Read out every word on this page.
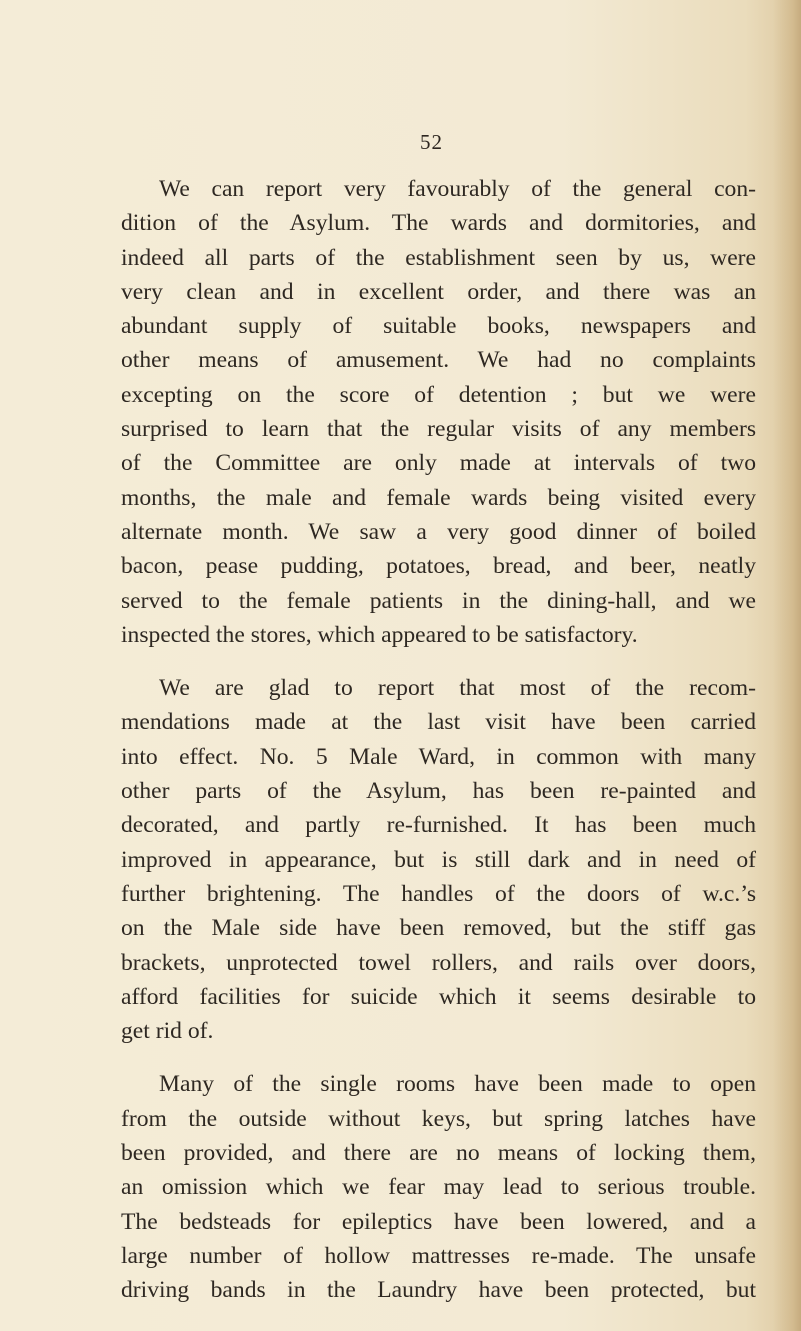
52

We can report very favourably of the general con-
dition of the Asylum. The wards and dormitories, and
indeed all parts of the establishment seen by us, were
very clean and in excellent order, and there was an
abundant supply of suitable books, newspapers and
other means of amusement. We had no complaints
excepting on the score of detention ; but we were
surprised to learn that the regular visits of any members
of the Committee are only made at intervals of two
months, the male and female wards being visited every
alternate month. We saw a very good dinner of boiled
bacon, pease pudding, potatoes, bread, and beer, neatly
served to the female patients in the dining-hall, and we
inspected the stores, which appeared to be satisfactory.

We are glad to report that most of the recom-
mendations made at the last visit have been carried
into effect. No. 5 Male Ward, in common with many
other parts of the Asylum, has been re-painted and
decorated, and partly re-furnished. It has been much
improved in appearance, but is still dark and in need of
further brightening. The handles of the doors of w.c.’s
on the Male side have been removed, but the stiff gas
brackets, unprotected towel rollers, and rails over doors,
afford facilities for suicide which it seems desirable to
get rid of.

Many of the single rooms have been made to open
from the outside without keys, but spring latches have
been provided, and there are no means of locking them,
an omission which we fear may lead to serious trouble.
The bedsteads for epileptics have been lowered, and a
large number of hollow mattresses re-made. The unsafe
driving bands in the Laundry have been protected, but
